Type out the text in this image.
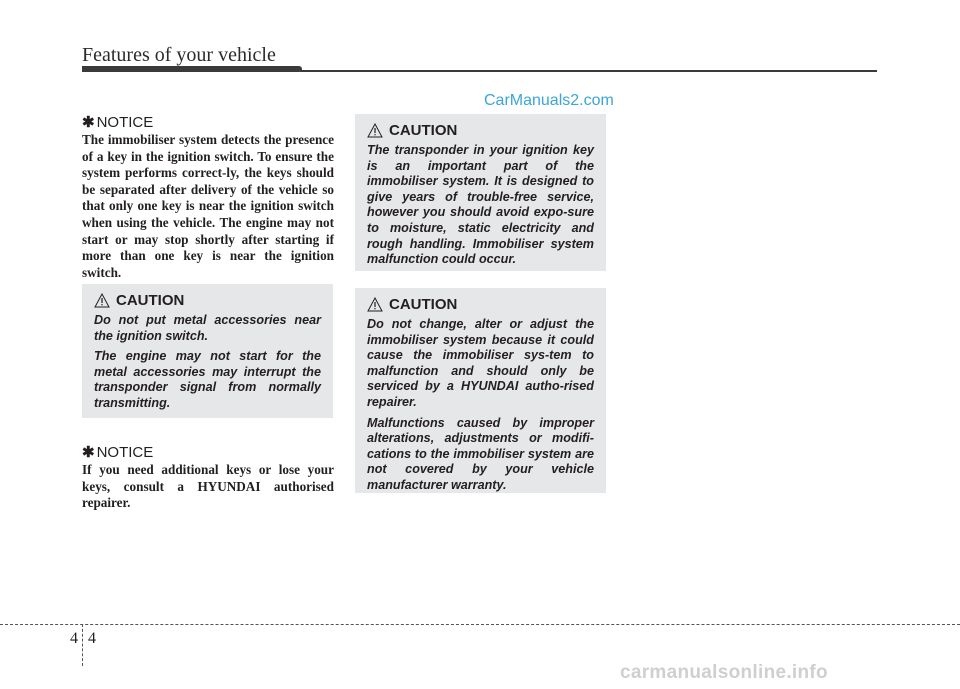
Features of your vehicle
CarManuals2.com
✱ NOTICE
The immobiliser system detects the presence of a key in the ignition switch. To ensure the system performs correct-ly, the keys should be separated after delivery of the vehicle so that only one key is near the ignition switch when using the vehicle. The engine may not start or may stop shortly after starting if more than one key is near the ignition switch.
CAUTION

Do not put metal accessories near the ignition switch.

The engine may not start for the metal accessories may interrupt the transponder signal from normally transmitting.

✱ NOTICE
If you need additional keys or lose your keys, consult a HYUNDAI authorised repairer.
CAUTION

The transponder in your ignition key is an important part of the immobiliser system. It is designed to give years of trouble-free service, however you should avoid expo-sure to moisture, static electricity and rough handling. Immobiliser system malfunction could occur.

CAUTION

Do not change, alter or adjust the immobiliser system because it could cause the immobiliser sys-tem to malfunction and should only be serviced by a HYUNDAI autho-rised repairer.

Malfunctions caused by improper alterations, adjustments or modifi-cations to the immobiliser system are not covered by your vehicle manufacturer warranty.

4 4
carmanualsonline.info
